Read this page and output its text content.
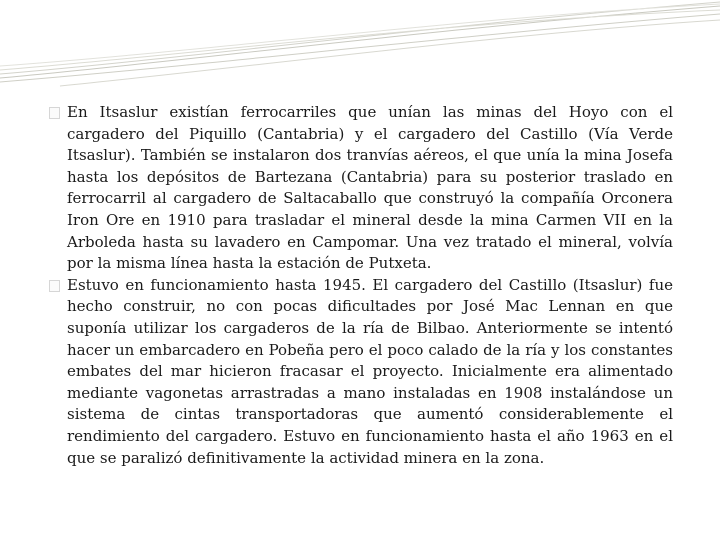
En Itsaslur existían ferrocarriles que unían las minas del Hoyo con el cargadero del Piquillo (Cantabria) y el cargadero del Castillo (Vía Verde Itsaslur). También se instalaron dos tranvías aéreos, el que unía la mina Josefa hasta los depósitos de Bartezana (Cantabria) para su posterior traslado en ferrocarril al cargadero de Saltacaballo que construyó la compañía Orconera Iron Ore en 1910 para trasladar el mineral desde la mina Carmen VII en la Arboleda hasta su lavadero en Campomar. Una vez tratado el mineral, volvía por la misma línea hasta la estación de Putxeta.

Estuvo en funcionamiento hasta 1945. El cargadero del Castillo (Itsaslur) fue hecho construir, no con pocas dificultades por José Mac Lennan en que suponía utilizar los cargaderos de la ría de Bilbao. Anteriormente se intentó hacer un embarcadero en Pobeña pero el poco calado de la ría y los constantes embates del mar hicieron fracasar el proyecto. Inicialmente era alimentado mediante vagonetas arrastradas a mano instaladas en 1908 instalándose un sistema de cintas transportadoras que aumentó considerablemente el rendimiento del cargadero. Estuvo en funcionamiento hasta el año 1963 en el que se paralizó definitivamente la actividad minera en la zona.
